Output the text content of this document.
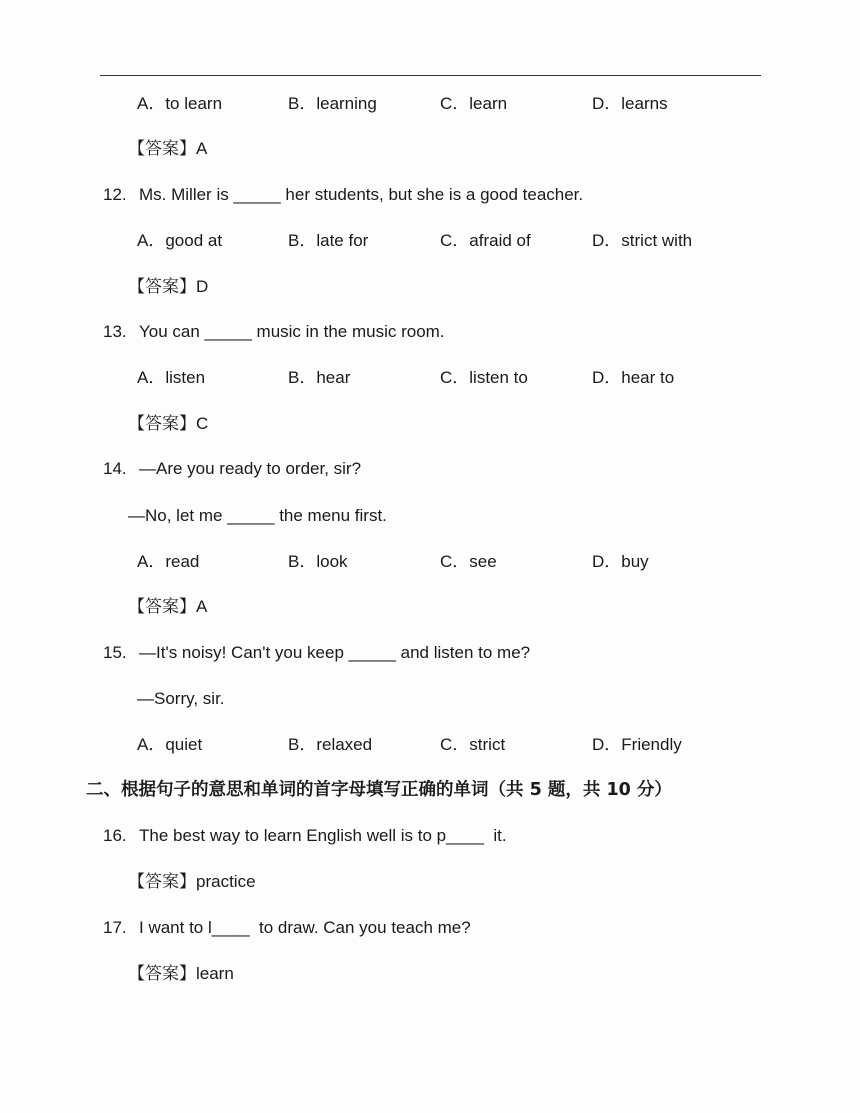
A．to learn	B．learning	C．learn	D．learns
【答案】A
12. Ms. Miller is _____ her students, but she is a good teacher.
A．good at	B．late for	C．afraid of	D．strict with
【答案】D
13. You can _____ music in the music room.
A．listen	B．hear	C．listen to	D．hear to
【答案】C
14. —Are you ready to order, sir?
—No, let me _____ the menu first.
A．read	B．look	C．see	D．buy
【答案】A
15. —It's noisy! Can't you keep _____ and listen to me?
—Sorry, sir.
A．quiet	B．relaxed	C．strict	D．Friendly
二、根据句子的意思和单词的首字母填写正确的单词（共 5 题，共 10 分）
16. The best way to learn English well is to p____  it.
【答案】practice
17. I want to l____  to draw. Can you teach me?
【答案】learn
